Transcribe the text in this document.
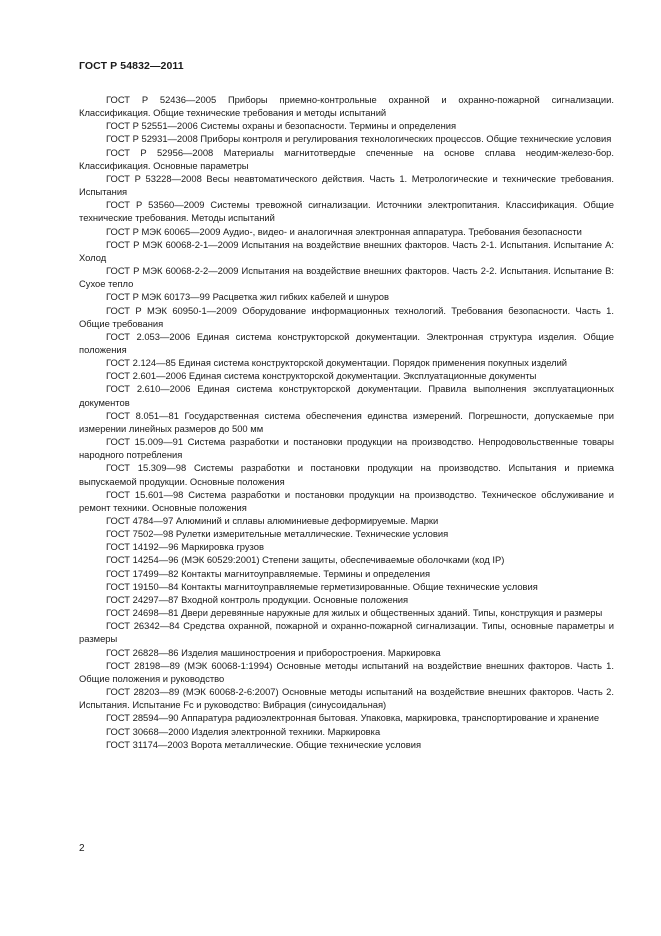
ГОСТ Р 54832—2011

ГОСТ Р 52436—2005 Приборы приемно-контрольные охранной и охранно-пожарной сигнализации. Классификация. Общие технические требования и методы испытаний

ГОСТ Р 52551—2006 Системы охраны и безопасности. Термины и определения

ГОСТ Р 52931—2008 Приборы контроля и регулирования технологических процессов. Общие технические условия

ГОСТ Р 52956—2008 Материалы магнитотвердые спеченные на основе сплава неодим-железо-бор. Классификация. Основные параметры

ГОСТ Р 53228—2008 Весы неавтоматического действия. Часть 1. Метрологические и технические требования. Испытания

ГОСТ Р 53560—2009 Системы тревожной сигнализации. Источники электропитания. Классификация. Общие технические требования. Методы испытаний

ГОСТ Р МЭК 60065—2009 Аудио-, видео- и аналогичная электронная аппаратура. Требования безопасности

ГОСТ Р МЭК 60068-2-1—2009 Испытания на воздействие внешних факторов. Часть 2-1. Испытания. Испытание А: Холод

ГОСТ Р МЭК 60068-2-2—2009 Испытания на воздействие внешних факторов. Часть 2-2. Испытания. Испытание В: Сухое тепло

ГОСТ Р МЭК 60173—99 Расцветка жил гибких кабелей и шнуров

ГОСТ Р МЭК 60950-1—2009 Оборудование информационных технологий. Требования безопасности. Часть 1. Общие требования

ГОСТ 2.053—2006 Единая система конструкторской документации. Электронная структура изделия. Общие положения

ГОСТ 2.124—85 Единая система конструкторской документации. Порядок применения покупных изделий

ГОСТ 2.601—2006 Единая система конструкторской документации. Эксплуатационные документы

ГОСТ 2.610—2006 Единая система конструкторской документации. Правила выполнения эксплуатационных документов

ГОСТ 8.051—81 Государственная система обеспечения единства измерений. Погрешности, допускаемые при измерении линейных размеров до 500 мм

ГОСТ 15.009—91 Система разработки и постановки продукции на производство. Непродовольственные товары народного потребления

ГОСТ 15.309—98 Системы разработки и постановки продукции на производство. Испытания и приемка выпускаемой продукции. Основные положения

ГОСТ 15.601—98 Система разработки и постановки продукции на производство. Техническое обслуживание и ремонт техники. Основные положения

ГОСТ 4784—97 Алюминий и сплавы алюминиевые деформируемые. Марки

ГОСТ 7502—98 Рулетки измерительные металлические. Технические условия

ГОСТ 14192—96 Маркировка грузов

ГОСТ 14254—96 (МЭК 60529:2001) Степени защиты, обеспечиваемые оболочками (код IP)

ГОСТ 17499—82 Контакты магнитоуправляемые. Термины и определения

ГОСТ 19150—84 Контакты магнитоуправляемые герметизированные. Общие технические условия

ГОСТ 24297—87 Входной контроль продукции. Основные положения

ГОСТ 24698—81 Двери деревянные наружные для жилых и общественных зданий. Типы, конструкция и размеры

ГОСТ 26342—84 Средства охранной, пожарной и охранно-пожарной сигнализации. Типы, основные параметры и размеры

ГОСТ 26828—86 Изделия машиностроения и приборостроения. Маркировка

ГОСТ 28198—89 (МЭК 60068-1:1994) Основные методы испытаний на воздействие внешних факторов. Часть 1. Общие положения и руководство

ГОСТ 28203—89 (МЭК 60068-2-6:2007) Основные методы испытаний на воздействие внешних факторов. Часть 2. Испытания. Испытание Fc и руководство: Вибрация (синусоидальная)

ГОСТ 28594—90 Аппаратура радиоэлектронная бытовая. Упаковка, маркировка, транспортирование и хранение

ГОСТ 30668—2000 Изделия электронной техники. Маркировка

ГОСТ 31174—2003 Ворота металлические. Общие технические условия

2
